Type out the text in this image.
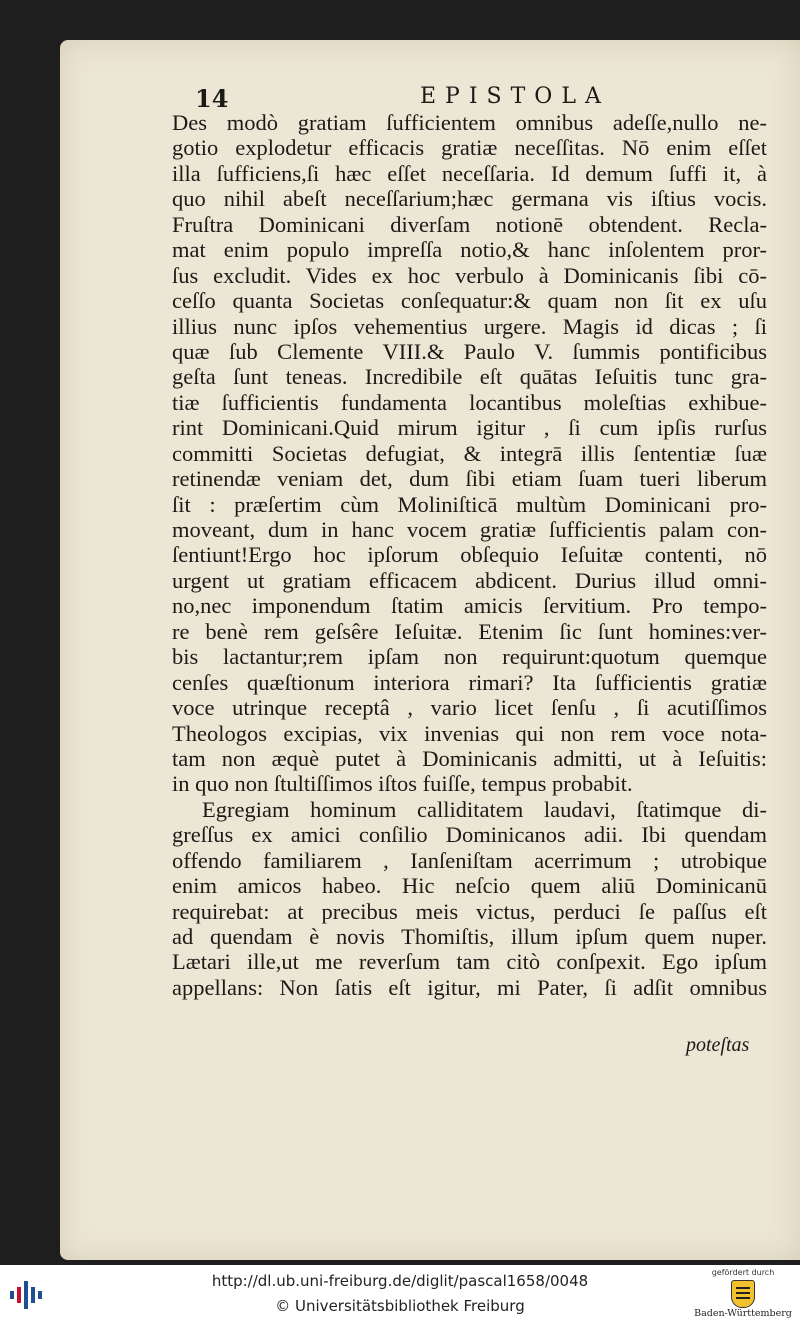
14	EPISTOLA
Des modò gratiam ſufficientem omnibus adeſſe,nullo ne-
gotio explodetur efficacis gratiæ neceſſitas. Nō enim eſſet
illa ſufficiens,ſi hæc eſſet neceſſaria. Id demum ſuffi it, à
quo nihil abeſt neceſſarium;hæc germana vis iſtius vocis.
Fruſtra Dominicani diverſam notionē obtendent. Recla-
mat enim populo impreſſa notio,& hanc inſolentem pror-
ſus excludit. Vides ex hoc verbulo à Dominicanis ſibi cō-
ceſſo quanta Societas conſequatur:& quam non ſit ex uſu
illius nunc ipſos vehementius urgere. Magis id dicas ; ſi
quæ ſub Clemente VIII.& Paulo V. ſummis pontificibus
geſta ſunt teneas. Incredibile eſt quātas Ieſuitis tunc gra-
tiæ ſufficientis fundamenta locantibus moleſtias exhibue-
rint Dominicani.Quid mirum igitur , ſi cum ipſis rurſus
committi Societas defugiat, & integrā illis ſententiæ ſuæ
retinendæ veniam det, dum ſibi etiam ſuam tueri liberum
ſit : præſertim cùm Moliniſticā multùm Dominicani pro-
moveant, dum in hanc vocem gratiæ ſufficientis palam con-
ſentiunt!Ergo hoc ipſorum obſequio Ieſuitæ contenti, nō
urgent ut gratiam efficacem abdicent. Durius illud omni-
no,nec imponendum ſtatim amicis ſervitium. Pro tempo-
re benè rem geſsêre Ieſuitæ. Etenim ſic ſunt homines:ver-
bis lactantur;rem ipſam non requirunt:quotum quemque
cenſes quæſtionum interiora rimari? Ita ſufficientis gratiæ
voce utrinque receptâ , vario licet ſenſu , ſi acutiſſimos
Theologos excipias, vix invenias qui non rem voce nota-
tam non æquè putet à Dominicanis admitti, ut à Ieſuitis:
in quo non ſtultiſſimos iſtos fuiſſe, tempus probabit.
Egregiam hominum calliditatem laudavi, ſtatimque di-
greſſus ex amici conſilio Dominicanos adii. Ibi quendam
offendo familiarem , Ianſeniſtam acerrimum ; utrobique
enim amicos habeo. Hic neſcio quem aliū Dominicanū
requirebat: at precibus meis victus, perduci ſe paſſus eſt
ad quendam è novis Thomiſtis, illum ipſum quem nuper.
Lætari ille,ut me reverſum tam citò conſpexit. Ego ipſum
appellans: Non ſatis eſt igitur, mi Pater, ſi adſit omnibus
poteſtas
http://dl.ub.uni-freiburg.de/diglit/pascal1658/0048
© Universitätsbibliothek Freiburg
gefördert durch
Baden-Württemberg
